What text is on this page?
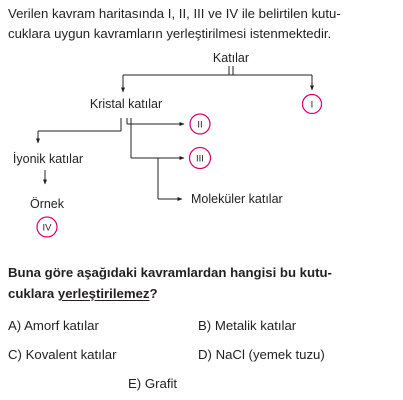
Verilen kavram haritasında I, II, III ve IV ile belirtilen kutu-
cuklara uygun kavramların yerleştirilmesi istenmektedir.
Katılar
I
Kristal katılar
II
III
Moleküler katılar
İyonik katılar
Örnek
IV
Buna göre aşağıdaki kavramlardan hangisi bu kutu-
cuklara yerleştirilemez?
A) Amorf katılar	B) Metalik katılar
C) Kovalent katılar	D) NaCl (yemek tuzu)
E) Grafit
